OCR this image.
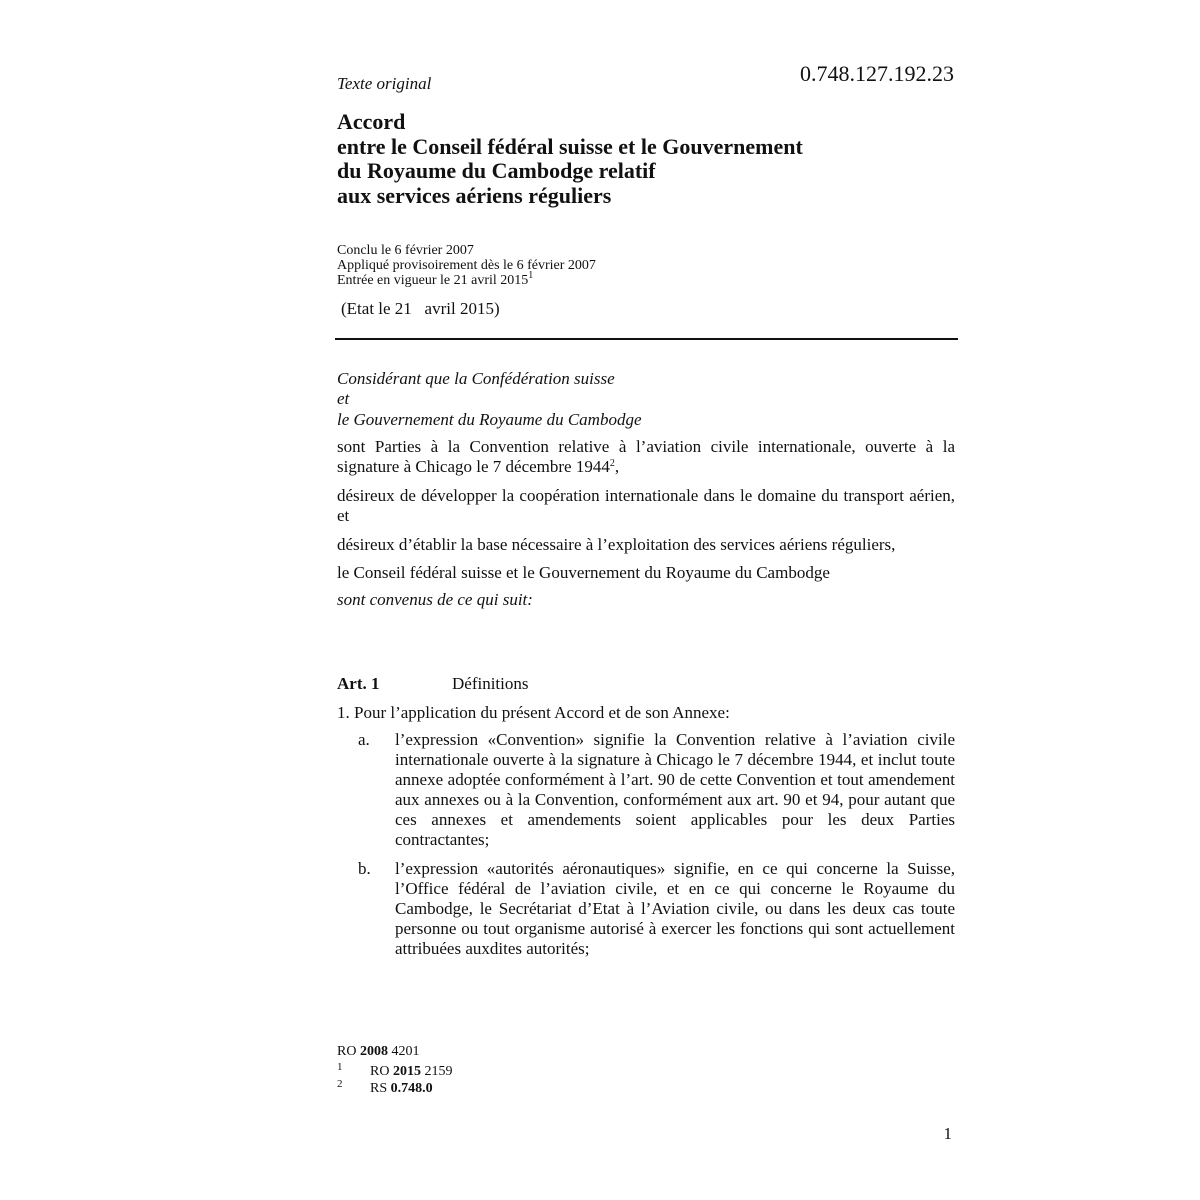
Texte original	0.748.127.192.23

Accord
entre le Conseil fédéral suisse et le Gouvernement
du Royaume du Cambodge relatif
aux services aériens réguliers
Conclu le 6 février 2007
Appliqué provisoirement dès le 6 février 2007
Entrée en vigueur le 21 avril 2015$^1$

(Etat le 21   avril 2015)

Considérant que la Confédération suisse

et

le Gouvernement du Royaume du Cambodge

sont Parties à la Convention relative à l’aviation civile internationale, ouverte à la signature à Chicago le 7 décembre 1944$^2$,

désireux de développer la coopération internationale dans le domaine du transport aérien, et

désireux d’établir la base nécessaire à l’exploitation des services aériens réguliers,

le Conseil fédéral suisse et le Gouvernement du Royaume du Cambodge

sont convenus de ce qui suit:

Art. 1	Définitions

1. Pour l’application du présent Accord et de son Annexe:

a. l’expression «Convention» signifie la Convention relative à l’aviation civile internationale ouverte à la signature à Chicago le 7 décembre 1944, et inclut toute annexe adoptée conformément à l’art. 90 de cette Convention et tout amendement aux annexes ou à la Convention, conformément aux art. 90 et 94, pour autant que ces annexes et amendements soient applicables pour les deux Parties contractantes;

b. l’expression «autorités aéronautiques» signifie, en ce qui concerne la Suisse, l’Office fédéral de l’aviation civile, et en ce qui concerne le Royaume du Cambodge, le Secrétariat d’Etat à l’Aviation civile, ou dans les deux cas toute personne ou tout organisme autorisé à exercer les fonctions qui sont actuellement attribuées auxdites autorités;

RO 2008 4201
1 RO 2015 2159
2 RS 0.748.0

1
